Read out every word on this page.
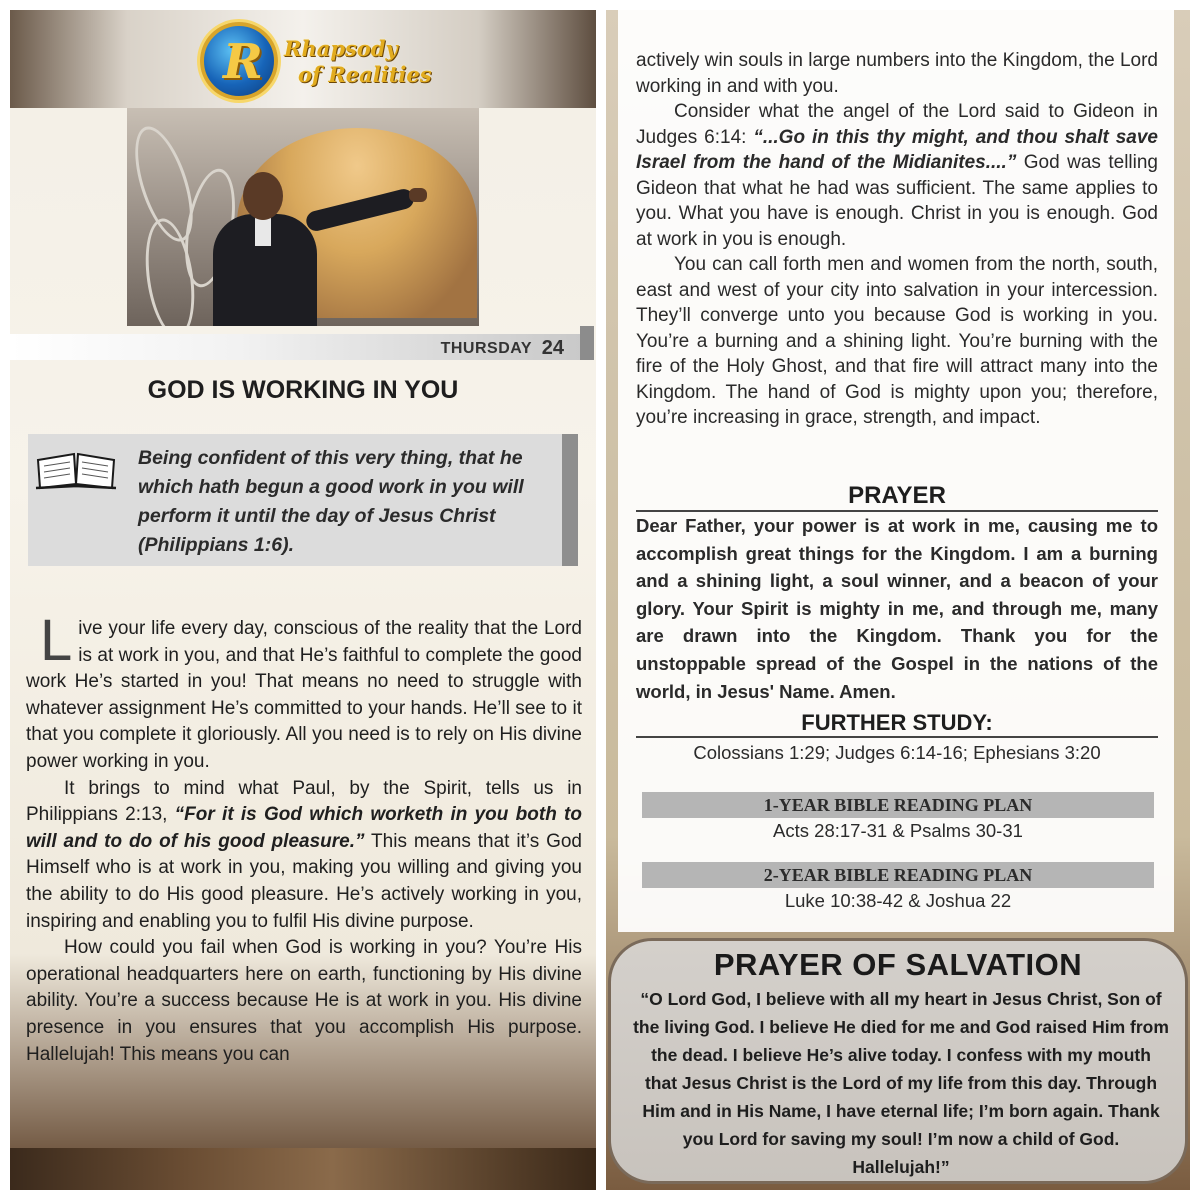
R	Rhapsody
of Realities
THURSDAY 24
GOD IS WORKING IN YOU
Being confident of this very thing, that he which hath begun a good work in you will perform it until the day of Jesus Christ (Philippians 1:6).

Live your life every day, conscious of the reality that the Lord is at work in you, and that He’s faithful to complete the good work He’s started in you! That means no need to struggle with whatever assignment He’s committed to your hands. He’ll see to it that you complete it gloriously. All you need is to rely on His divine power working in you.

It brings to mind what Paul, by the Spirit, tells us in Philippians 2:13, “For it is God which worketh in you both to will and to do of his good pleasure.” This means that it’s God Himself who is at work in you, making you willing and giving you the ability to do His good pleasure. He’s actively working in you, inspiring and enabling you to fulfil His divine purpose.

How could you fail when God is working in you? You’re His operational headquarters here on earth, functioning by His divine ability. You’re a success because He is at work in you. His divine presence in you ensures that you accomplish His purpose. Hallelujah! This means you can

actively win souls in large numbers into the Kingdom, the Lord working in and with you.

Consider what the angel of the Lord said to Gideon in Judges 6:14: “...Go in this thy might, and thou shalt save Israel from the hand of the Midianites....” God was telling Gideon that what he had was sufficient. The same applies to you. What you have is enough. Christ in you is enough. God at work in you is enough.

You can call forth men and women from the north, south, east and west of your city into salvation in your intercession. They’ll converge unto you because God is working in you. You’re a burning and a shining light. You’re burning with the fire of the Holy Ghost, and that fire will attract many into the Kingdom. The hand of God is mighty upon you; therefore, you’re increasing in grace, strength, and impact.

PRAYER
Dear Father, your power is at work in me, causing me to accomplish great things for the Kingdom. I am a burning and a shining light, a soul winner, and a beacon of your glory. Your Spirit is mighty in me, and through me, many are drawn into the Kingdom. Thank you for the unstoppable spread of the Gospel in the nations of the world, in Jesus' Name. Amen.
FURTHER STUDY:
Colossians 1:29; Judges 6:14-16; Ephesians 3:20
1-YEAR BIBLE READING PLAN
Acts 28:17-31 & Psalms 30-31
2-YEAR BIBLE READING PLAN
Luke 10:38-42 & Joshua 22
PRAYER OF SALVATION
“O Lord God, I believe with all my heart in Jesus Christ, Son of the living God. I believe He died for me and God raised Him from the dead. I believe He’s alive today. I confess with my mouth that Jesus Christ is the Lord of my life from this day. Through Him and in His Name, I have eternal life; I’m born again. Thank you Lord for saving my soul! I’m now a child of God. Hallelujah!”
